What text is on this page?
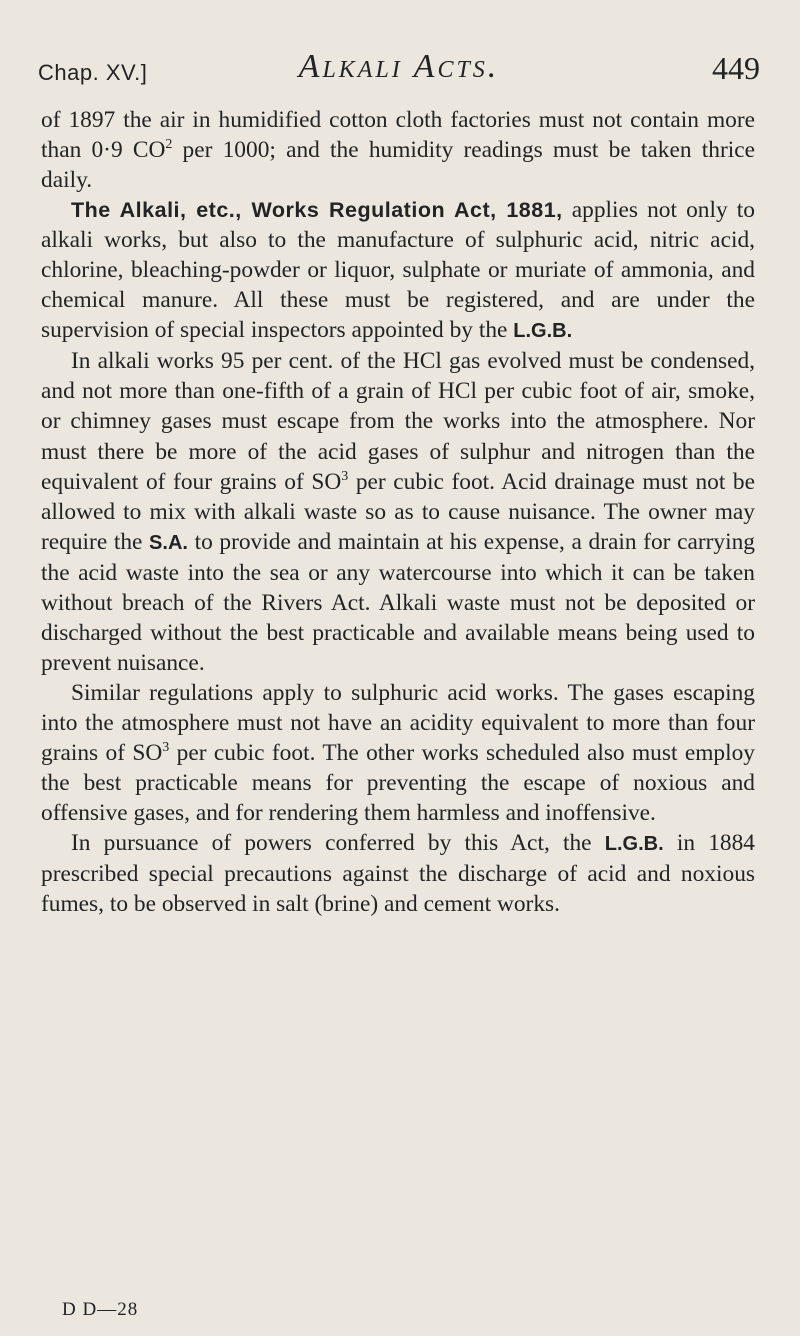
Chap. XV.]	Alkali Acts.	449

of 1897 the air in humidified cotton cloth factories must not contain more than 0·9 $CO^2$ per 1000; and the humidity readings must be taken thrice daily.

The Alkali, etc., Works Regulation Act, 1881, applies not only to alkali works, but also to the manufacture of sulphuric acid, nitric acid, chlorine, bleaching-powder or liquor, sulphate or muriate of ammonia, and chemical manure. All these must be registered, and are under the supervision of special inspectors appointed by the L.G.B.

In alkali works 95 per cent. of the HCl gas evolved must be condensed, and not more than one-fifth of a grain of HCl per cubic foot of air, smoke, or chimney gases must escape from the works into the atmosphere. Nor must there be more of the acid gases of sulphur and nitrogen than the equivalent of four grains of $SO^3$ per cubic foot. Acid drainage must not be allowed to mix with alkali waste so as to cause nuisance. The owner may require the S.A. to provide and maintain at his expense, a drain for carrying the acid waste into the sea or any watercourse into which it can be taken without breach of the Rivers Act. Alkali waste must not be deposited or discharged without the best practicable and available means being used to prevent nuisance.

Similar regulations apply to sulphuric acid works. The gases escaping into the atmosphere must not have an acidity equivalent to more than four grains of $SO^3$ per cubic foot. The other works scheduled also must employ the best practicable means for preventing the escape of noxious and offensive gases, and for rendering them harmless and inoffensive.

In pursuance of powers conferred by this Act, the L.G.B. in 1884 prescribed special precautions against the discharge of acid and noxious fumes, to be observed in salt (brine) and cement works.

D D—28
